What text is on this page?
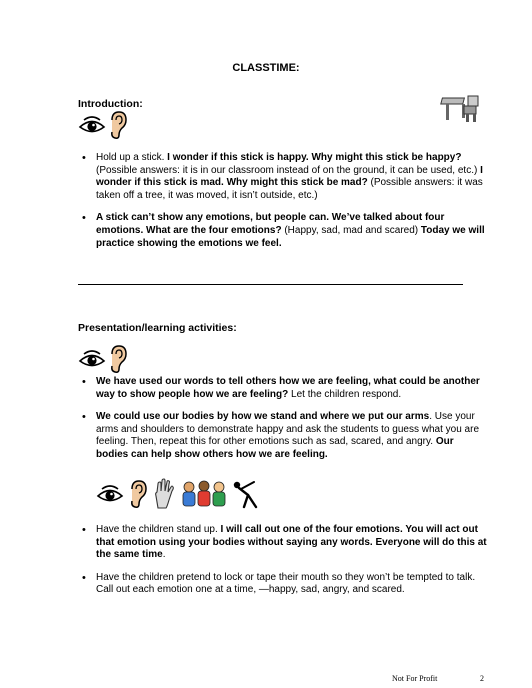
CLASSTIME:
Introduction:
• Hold up a stick. I wonder if this stick is happy. Why might this stick be happy? (Possible answers: it is in our classroom instead of on the ground, it can be used, etc.) I wonder if this stick is mad. Why might this stick be mad? (Possible answers: it was taken off a tree, it was moved, it isn’t outside, etc.)
• A stick can’t show any emotions, but people can. We’ve talked about four emotions. What are the four emotions? (Happy, sad, mad and scared) Today we will practice showing the emotions we feel.
Presentation/learning activities:
• We have used our words to tell others how we are feeling, what could be another way to show people how we are feeling? Let the children respond.
• We could use our bodies by how we stand and where we put our arms. Use your arms and shoulders to demonstrate happy and ask the students to guess what you are feeling. Then, repeat this for other emotions such as sad, scared, and angry. Our bodies can help show others how we are feeling.
• Have the children stand up. I will call out one of the four emotions. You will act out that emotion using your bodies without saying any words. Everyone will do this at the same time.
• Have the children pretend to lock or tape their mouth so they won’t be tempted to talk. Call out each emotion one at a time, —happy, sad, angry, and scared.
Not For Profit	2
